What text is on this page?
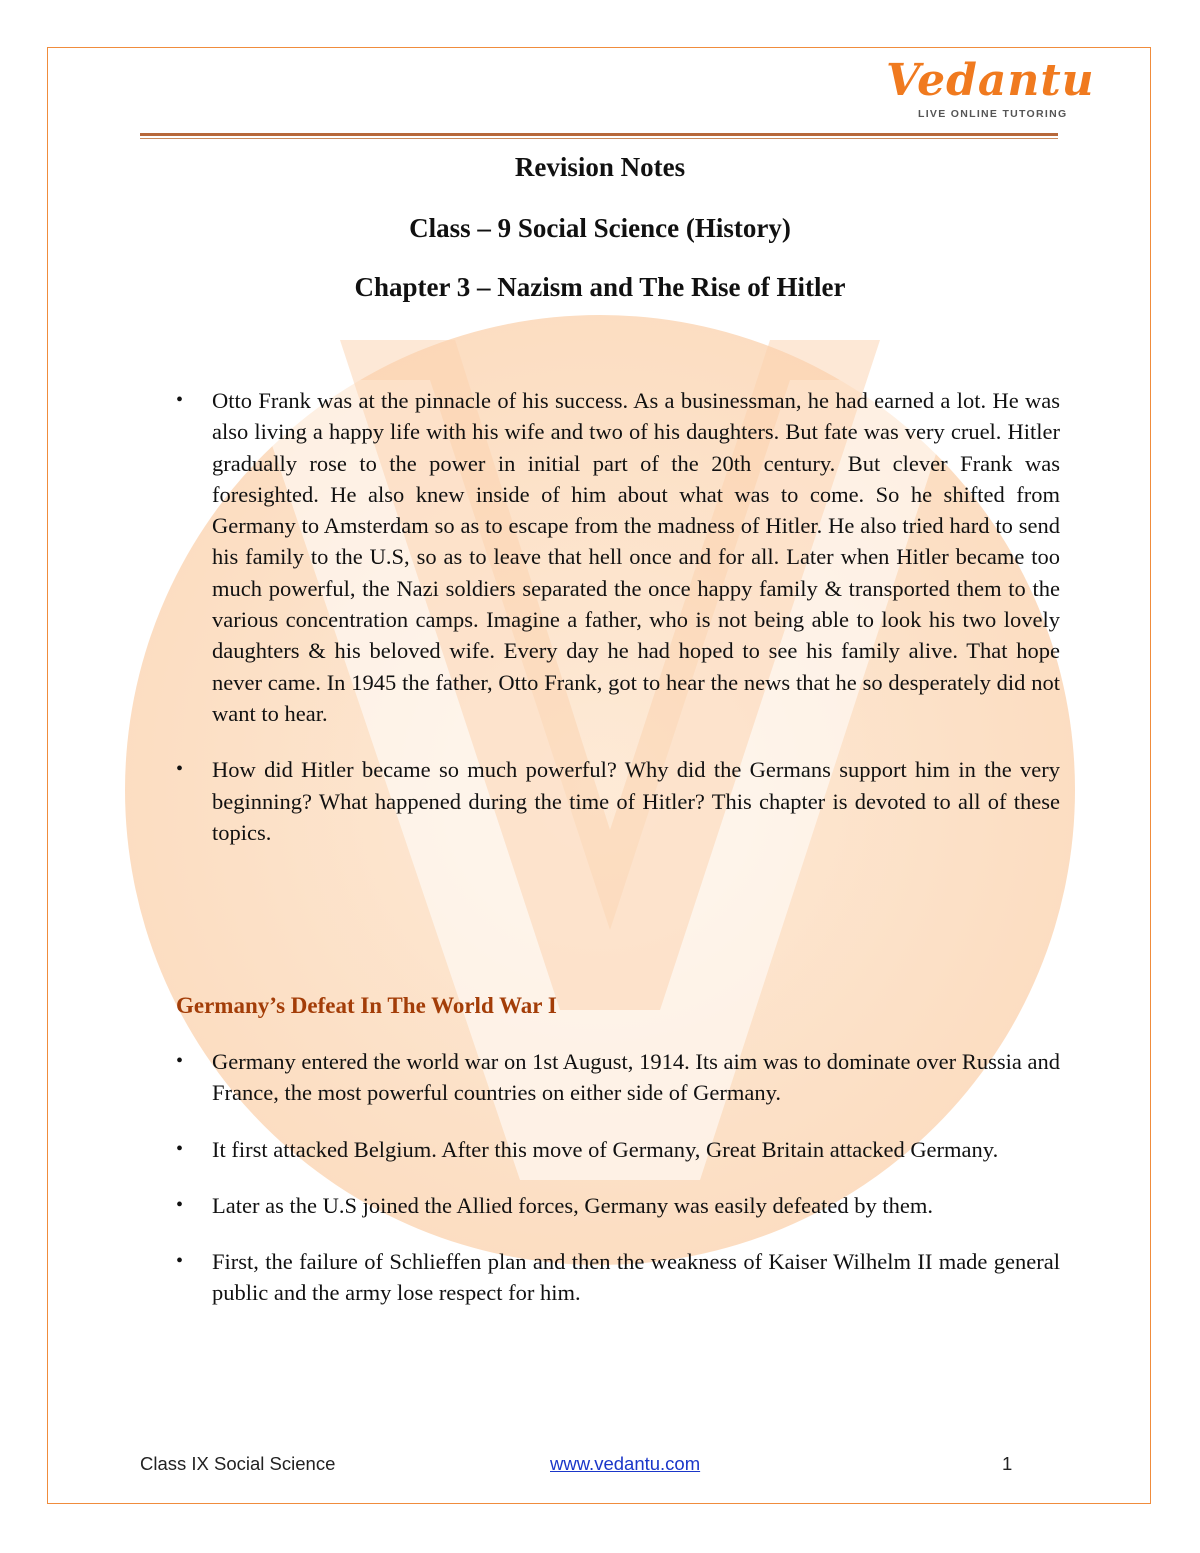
Vedantu
LIVE ONLINE TUTORING
Revision Notes
Class – 9 Social Science (History)
Chapter 3 – Nazism and The Rise of Hitler
• Otto Frank was at the pinnacle of his success. As a businessman, he had earned a lot. He was also living a happy life with his wife and two of his daughters. But fate was very cruel. Hitler gradually rose to the power in initial part of the 20th century. But clever Frank was foresighted. He also knew inside of him about what was to come. So he shifted from Germany to Amsterdam so as to escape from the madness of Hitler. He also tried hard to send his family to the U.S, so as to leave that hell once and for all. Later when Hitler became too much powerful, the Nazi soldiers separated the once happy family & transported them to the various concentration camps. Imagine a father, who is not being able to look his two lovely daughters & his beloved wife. Every day he had hoped to see his family alive. That hope never came. In 1945 the father, Otto Frank, got to hear the news that he so desperately did not want to hear.
• How did Hitler became so much powerful? Why did the Germans support him in the very beginning? What happened during the time of Hitler? This chapter is devoted to all of these topics.
Germany’s Defeat In The World War I
• Germany entered the world war on 1st August, 1914. Its aim was to dominate over Russia and France, the most powerful countries on either side of Germany.
• It first attacked Belgium. After this move of Germany, Great Britain attacked Germany.
• Later as the U.S joined the Allied forces, Germany was easily defeated by them.
• First, the failure of Schlieffen plan and then the weakness of Kaiser Wilhelm II made general public and the army lose respect for him.
Class IX Social Science	www.vedantu.com	1
